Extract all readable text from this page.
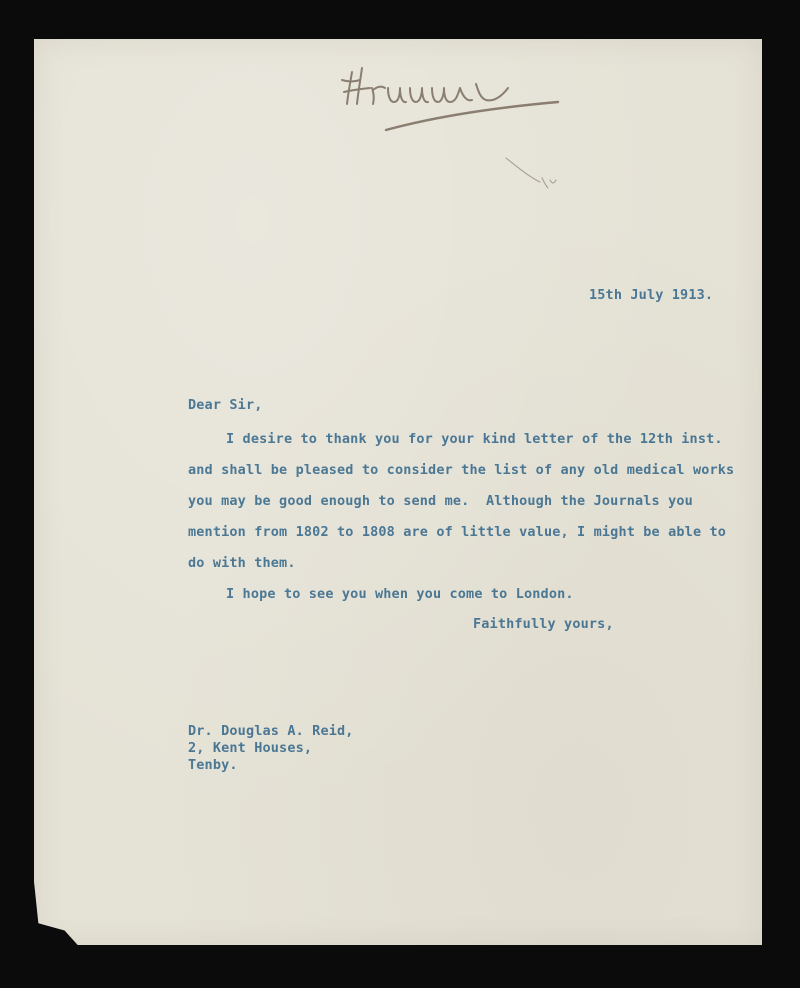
15th July 1913.

Dear Sir,

I desire to thank you for your kind letter of the 12th inst.

and shall be pleased to consider the list of any old medical works

you may be good enough to send me.  Although the Journals you

mention from 1802 to 1808 are of little value, I might be able to

do with them.

I hope to see you when you come to London.

Faithfully yours,

Dr. Douglas A. Reid,

2, Kent Houses,

Tenby.
